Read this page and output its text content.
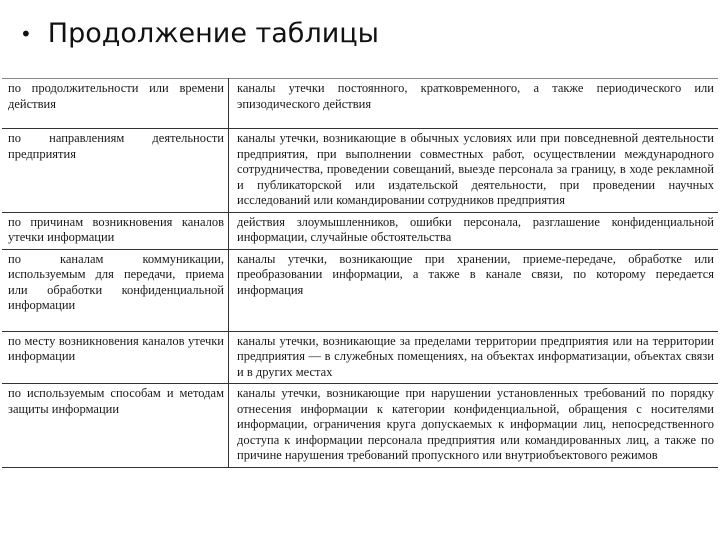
• Продолжение таблицы
по продолжительности или времени действия	каналы утечки постоянного, кратковременного, а также периодического или эпизодического действия
по направлениям деятельности предприятия	каналы утечки, возникающие в обычных условиях или при повседневной деятельности предприятия, при выполнении совместных работ, осуществлении международного сотрудничества, проведении совещаний, выезде персонала за границу, в ходе рекламной и публикаторской или издательской деятельности, при проведении научных исследований или командировании сотрудников предприятия
по причинам возникновения каналов утечки информации	действия злоумышленников, ошибки персонала, разглашение конфиденциальной информации, случайные обстоятельства
по каналам коммуникации, используемым для передачи, приема или обработки конфиденциальной информации	каналы утечки, возникающие при хранении, приеме-передаче, обработке или преобразовании информации, а также в канале связи, по которому передается информация
по месту возникновения каналов утечки информации	каналы утечки, возникающие за пределами территории предприятия или на территории предприятия — в служебных помещениях, на объектах информатизации, объектах связи и в других местах
по используемым способам и методам защиты информации	каналы утечки, возникающие при нарушении установленных требований по порядку отнесения информации к категории конфиденциальной, обращения с носителями информации, ограничения круга допускаемых к информации лиц, непосредственного доступа к информации персонала предприятия или командированных лиц, а также по причине нарушения требований пропускного или внутриобъектового режимов
